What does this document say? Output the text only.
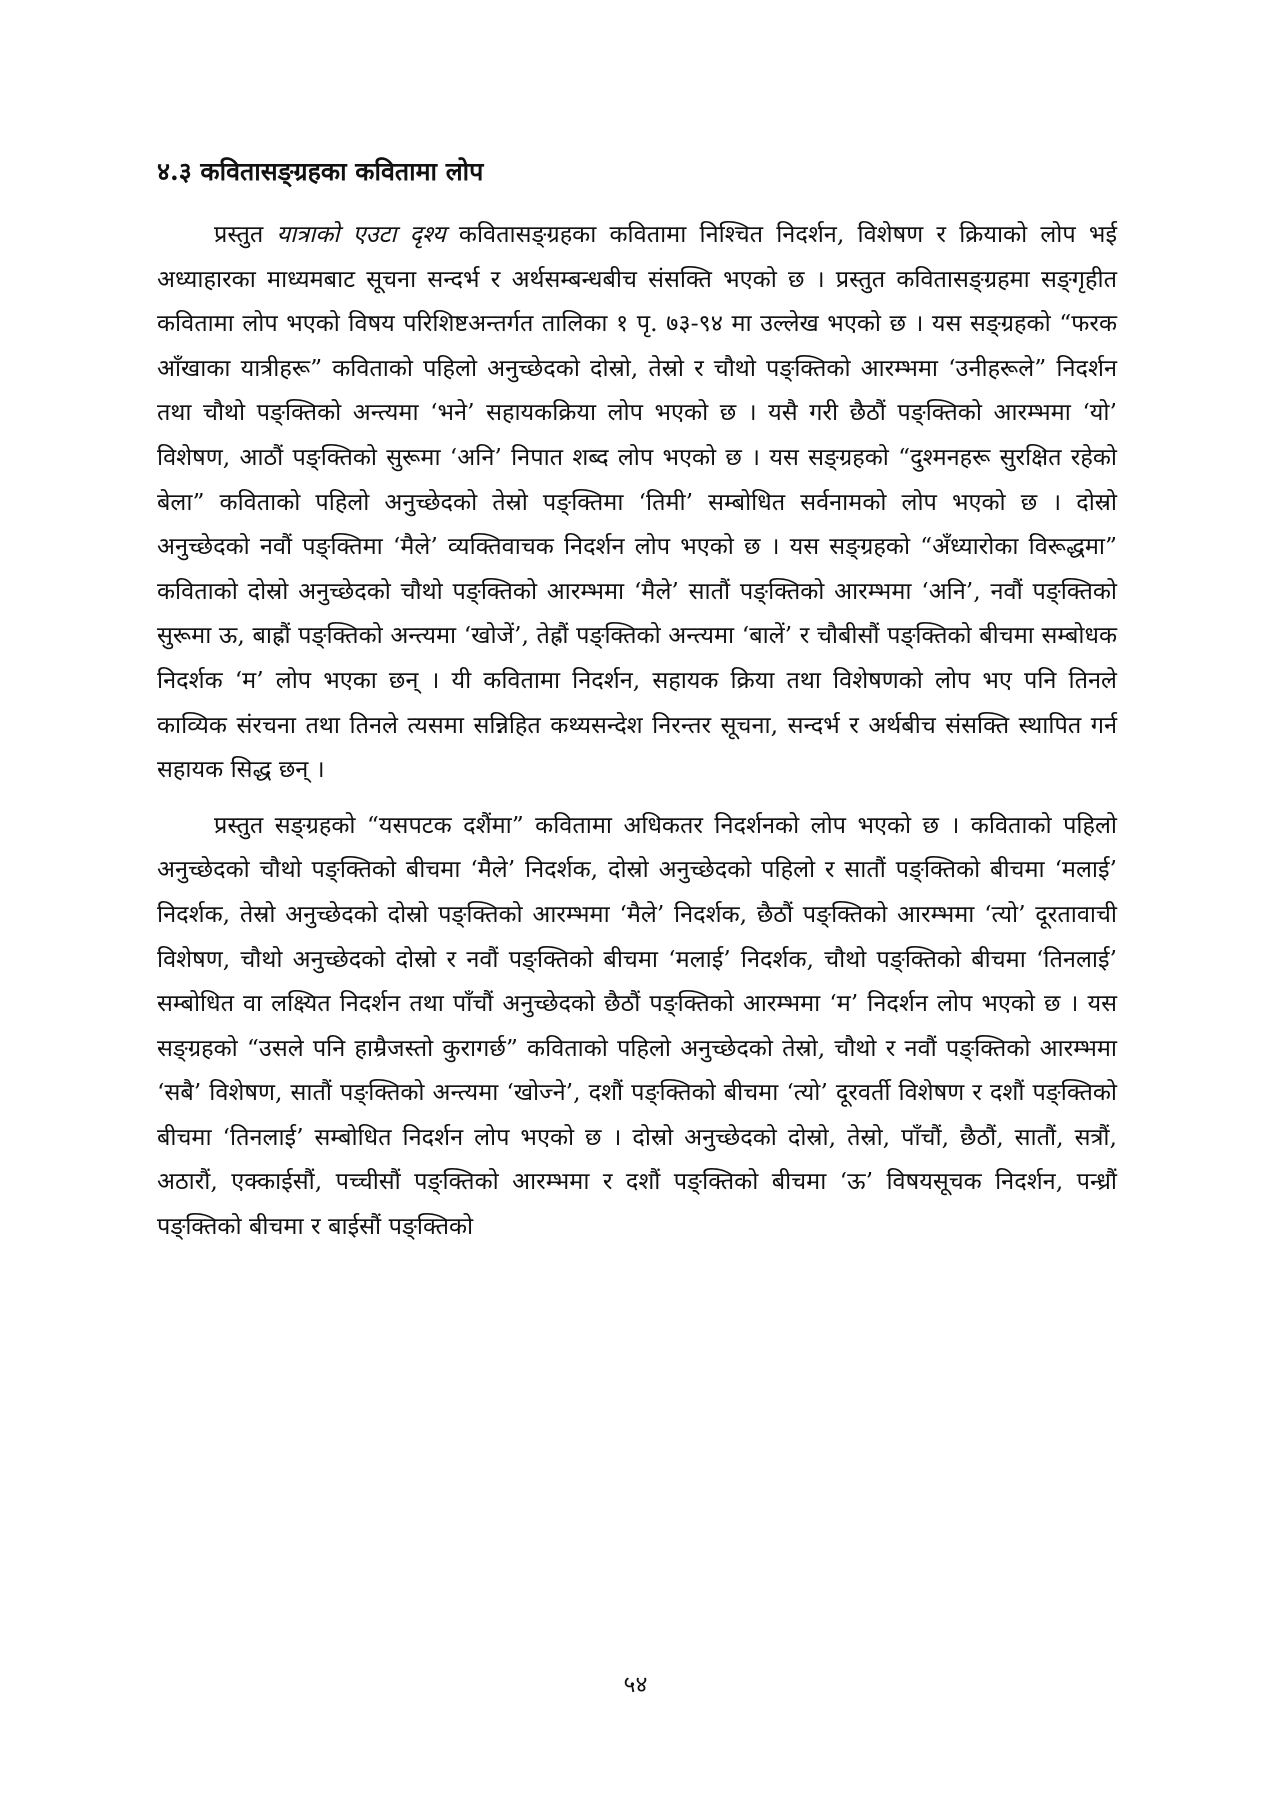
४.३ कवितासङ्ग्रहका कवितामा लोप

प्रस्तुत यात्राको एउटा दृश्य कवितासङ्ग्रहका कवितामा निश्चित निदर्शन, विशेषण र क्रियाको लोप भई अध्याहारका माध्यमबाट सूचना सन्दर्भ र अर्थसम्बन्धबीच संसक्ति भएको छ । प्रस्तुत कवितासङ्ग्रहमा सङ्गृहीत कवितामा लोप भएको विषय परिशिष्टअन्तर्गत तालिका १ पृ. ७३-९४ मा उल्लेख भएको छ । यस सङ्ग्रहको “फरक आँखाका यात्रीहरू” कविताको पहिलो अनुच्छेदको दोस्रो, तेस्रो र चौथो पङ्क्तिको आरम्भमा ‘उनीहरूले” निदर्शन तथा चौथो पङ्क्तिको अन्त्यमा ‘भने’ सहायकक्रिया लोप भएको छ । यसै गरी छैठौं पङ्क्तिको आरम्भमा ‘यो’ विशेषण, आठौं पङ्क्तिको सुरूमा ‘अनि’ निपात शब्द लोप भएको छ । यस सङ्ग्रहको “दुश्मनहरू सुरक्षित रहेको बेला” कविताको पहिलो अनुच्छेदको तेस्रो पङ्क्तिमा ‘तिमी’ सम्बोधित सर्वनामको लोप भएको छ । दोस्रो अनुच्छेदको नवौं पङ्क्तिमा ‘मैले’ व्यक्तिवाचक निदर्शन लोप भएको छ । यस सङ्ग्रहको “अँध्यारोका विरूद्धमा” कविताको दोस्रो अनुच्छेदको चौथो पङ्क्तिको आरम्भमा ‘मैले’ सातौं पङ्क्तिको आरम्भमा ‘अनि’, नवौं पङ्क्तिको सुरूमा ऊ, बाह्रौं पङ्क्तिको अन्त्यमा ‘खोजें’, तेह्रौं पङ्क्तिको अन्त्यमा ‘बालें’ र चौबीसौं पङ्क्तिको बीचमा सम्बोधक निदर्शक ‘म’ लोप भएका छन् । यी कवितामा निदर्शन, सहायक क्रिया तथा विशेषणको लोप भए पनि तिनले काव्यिक संरचना तथा तिनले त्यसमा सन्निहित कथ्यसन्देश निरन्तर सूचना, सन्दर्भ र अर्थबीच संसक्ति स्थापित गर्न सहायक सिद्ध छन् ।

प्रस्तुत सङ्ग्रहको “यसपटक दशैंमा” कवितामा अधिकतर निदर्शनको लोप भएको छ । कविताको पहिलो अनुच्छेदको चौथो पङ्क्तिको बीचमा ‘मैले’ निदर्शक, दोस्रो अनुच्छेदको पहिलो र सातौं पङ्क्तिको बीचमा ‘मलाई’ निदर्शक, तेस्रो अनुच्छेदको दोस्रो पङ्क्तिको आरम्भमा ‘मैले’ निदर्शक, छैठौं पङ्क्तिको आरम्भमा ‘त्यो’ दूरतावाची विशेषण, चौथो अनुच्छेदको दोस्रो र नवौं पङ्क्तिको बीचमा ‘मलाई’ निदर्शक, चौथो पङ्क्तिको बीचमा ‘तिनलाई’ सम्बोधित वा लक्ष्यित निदर्शन तथा पाँचौं अनुच्छेदको छैठौं पङ्क्तिको आरम्भमा ‘म’ निदर्शन लोप भएको छ । यस सङ्ग्रहको “उसले पनि हाम्रैजस्तो कुरागर्छ” कविताको पहिलो अनुच्छेदको तेस्रो, चौथो र नवौं पङ्क्तिको आरम्भमा ‘सबै’ विशेषण, सातौं पङ्क्तिको अन्त्यमा ‘खोज्ने’, दशौं पङ्क्तिको बीचमा ‘त्यो’ दूरवर्ती विशेषण र दशौं पङ्क्तिको बीचमा ‘तिनलाई’ सम्बोधित निदर्शन लोप भएको छ । दोस्रो अनुच्छेदको दोस्रो, तेस्रो, पाँचौं, छैठौं, सातौं, सत्रौं, अठारौं, एक्काईसौं, पच्चीसौं पङ्क्तिको आरम्भमा र दशौं पङ्क्तिको बीचमा ‘ऊ’ विषयसूचक निदर्शन, पन्ध्रौं पङ्क्तिको बीचमा र बाईसौं पङ्क्तिको

५४
